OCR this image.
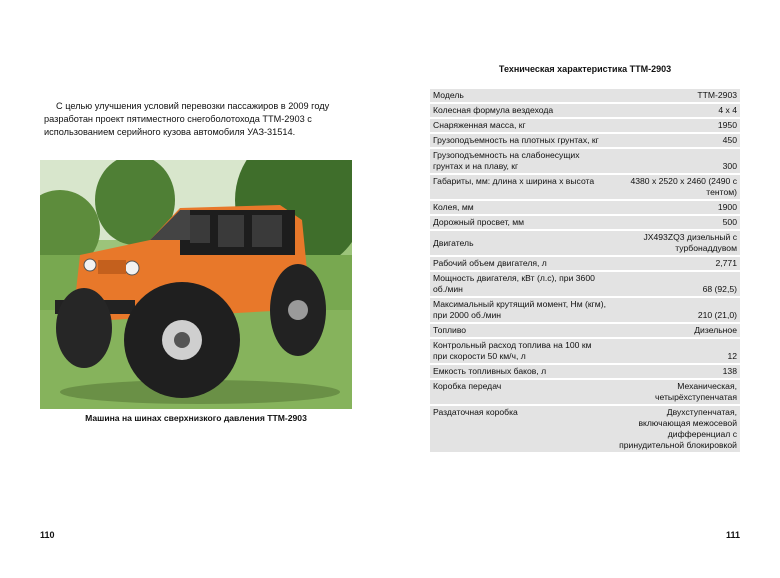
С целью улучшения условий перевозки пассажиров в 2009 году разработан проект пятиместного снегоболотохода ТТМ-2903 с использованием серийного кузова автомобиля УАЗ-31514.

Машина на шинах сверхнизкого давления ТТМ-2903

110

Техническая характеристика ТТМ-2903

Модель	ТТМ-2903
Колесная формула вездехода	4 x 4
Снаряженная масса, кг	1950
Грузоподъемность на плотных грунтах, кг	450
Грузоподъемность на слабонесущих грунтах и на плаву, кг	300
Габариты, мм: длина x ширина x высота	4380 x 2520 x 2460 (2490 с тентом)
Колея, мм	1900
Дорожный просвет, мм	500
Двигатель	JX493ZQ3 дизельный с турбонаддувом
Рабочий объем двигателя, л	2,771
Мощность двигателя, кВт (л.с), при 3600 об./мин	68 (92,5)
Максимальный крутящий момент, Нм (кгм), при 2000 об./мин	210 (21,0)
Топливо	Дизельное
Контрольный расход топлива на 100 км при скорости 50 км/ч, л	12
Емкость топливных баков, л	138
Коробка передач	Механическая, четырёхступенчатая
Раздаточная коробка	Двухступенчатая, включающая межосевой дифференциал с принудительной блокировкой
111
